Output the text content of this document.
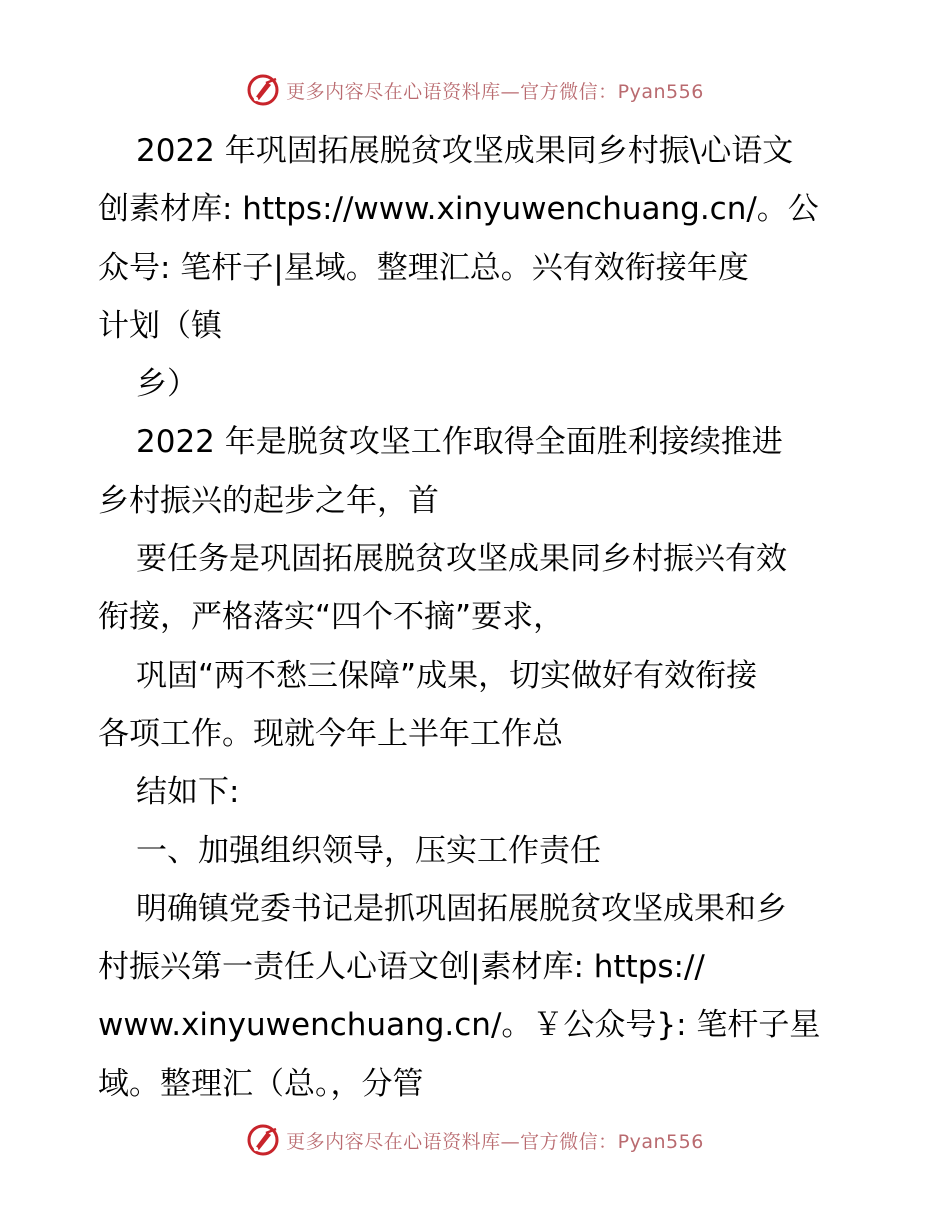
更多内容尽在心语资料库—官方微信：Pyan556
2022 年巩固拓展脱贫攻坚成果同乡村振\心语文
创素材库: https://www.xinyuwenchuang.cn/。公
众号: 笔杆子|星域。整理汇总。兴有效衔接年度
计划（镇
乡）
2022 年是脱贫攻坚工作取得全面胜利接续推进
乡村振兴的起步之年，首
要任务是巩固拓展脱贫攻坚成果同乡村振兴有效
衔接，严格落实“四个不摘”要求，
巩固“两不愁三保障”成果，切实做好有效衔接
各项工作。现就今年上半年工作总
结如下:
一、加强组织领导，压实工作责任
明确镇党委书记是抓巩固拓展脱贫攻坚成果和乡
村振兴第一责任人心语文创|素材库: https://
www.xinyuwenchuang.cn/。￥公众号}: 笔杆子星
域。整理汇（总。，分管
更多内容尽在心语资料库—官方微信：Pyan556
